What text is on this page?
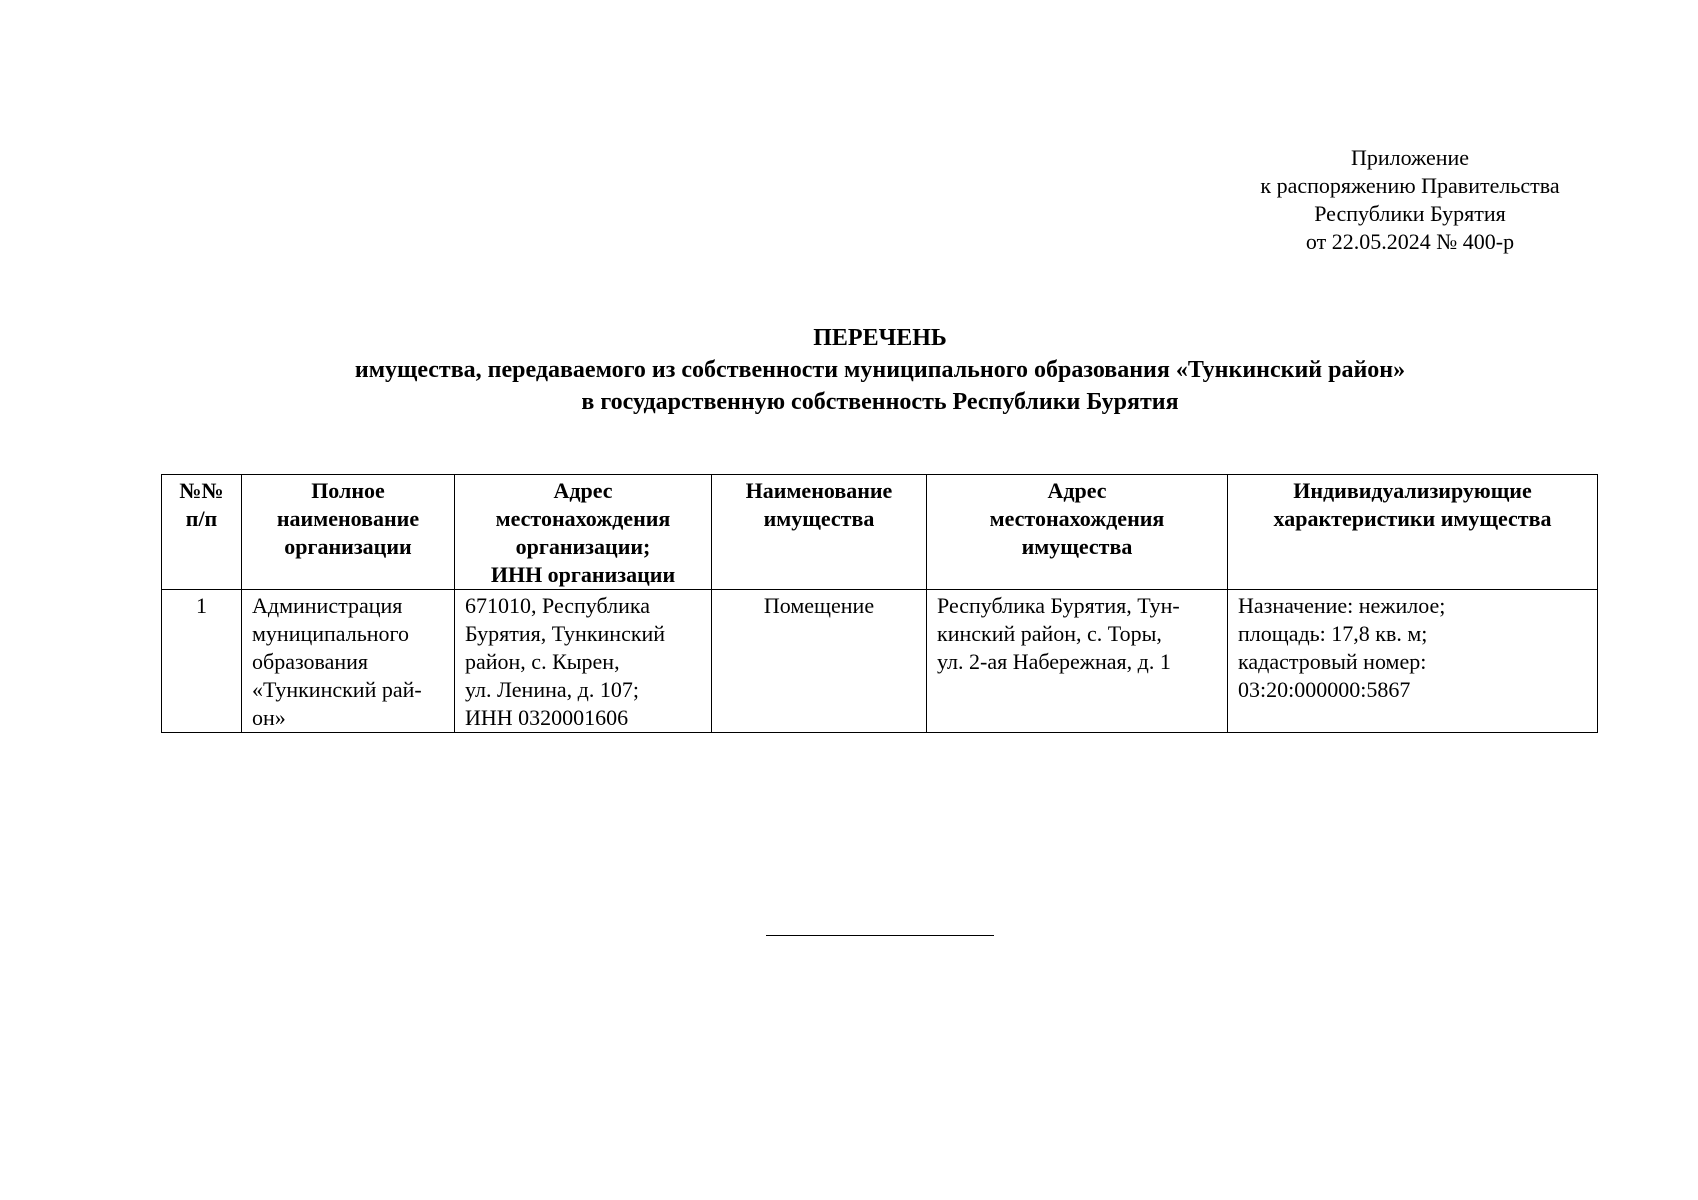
Приложение
к распоряжению Правительства
Республики Бурятия
от 22.05.2024 № 400-р
ПЕРЕЧЕНЬ
имущества, передаваемого из собственности муниципального образования «Тункинский район»
в государственную собственность Республики Бурятия
№№
п/п	Полное
наименование
организации	Адрес
местонахождения
организации;
ИНН организации	Наименование
имущества	Адрес
местонахождения
имущества	Индивидуализирующие
характеристики имущества

1	Администрация
муниципального
образования
«Тункинский рай-
он»	671010, Республика
Бурятия, Тункинский
район, с. Кырен,
ул. Ленина, д. 107;
ИНН 0320001606	Помещение	Республика Бурятия, Тун-
кинский район, с. Торы,
ул. 2-ая Набережная, д. 1	Назначение: нежилое;
площадь: 17,8 кв. м;
кадастровый номер:
03:20:000000:5867
